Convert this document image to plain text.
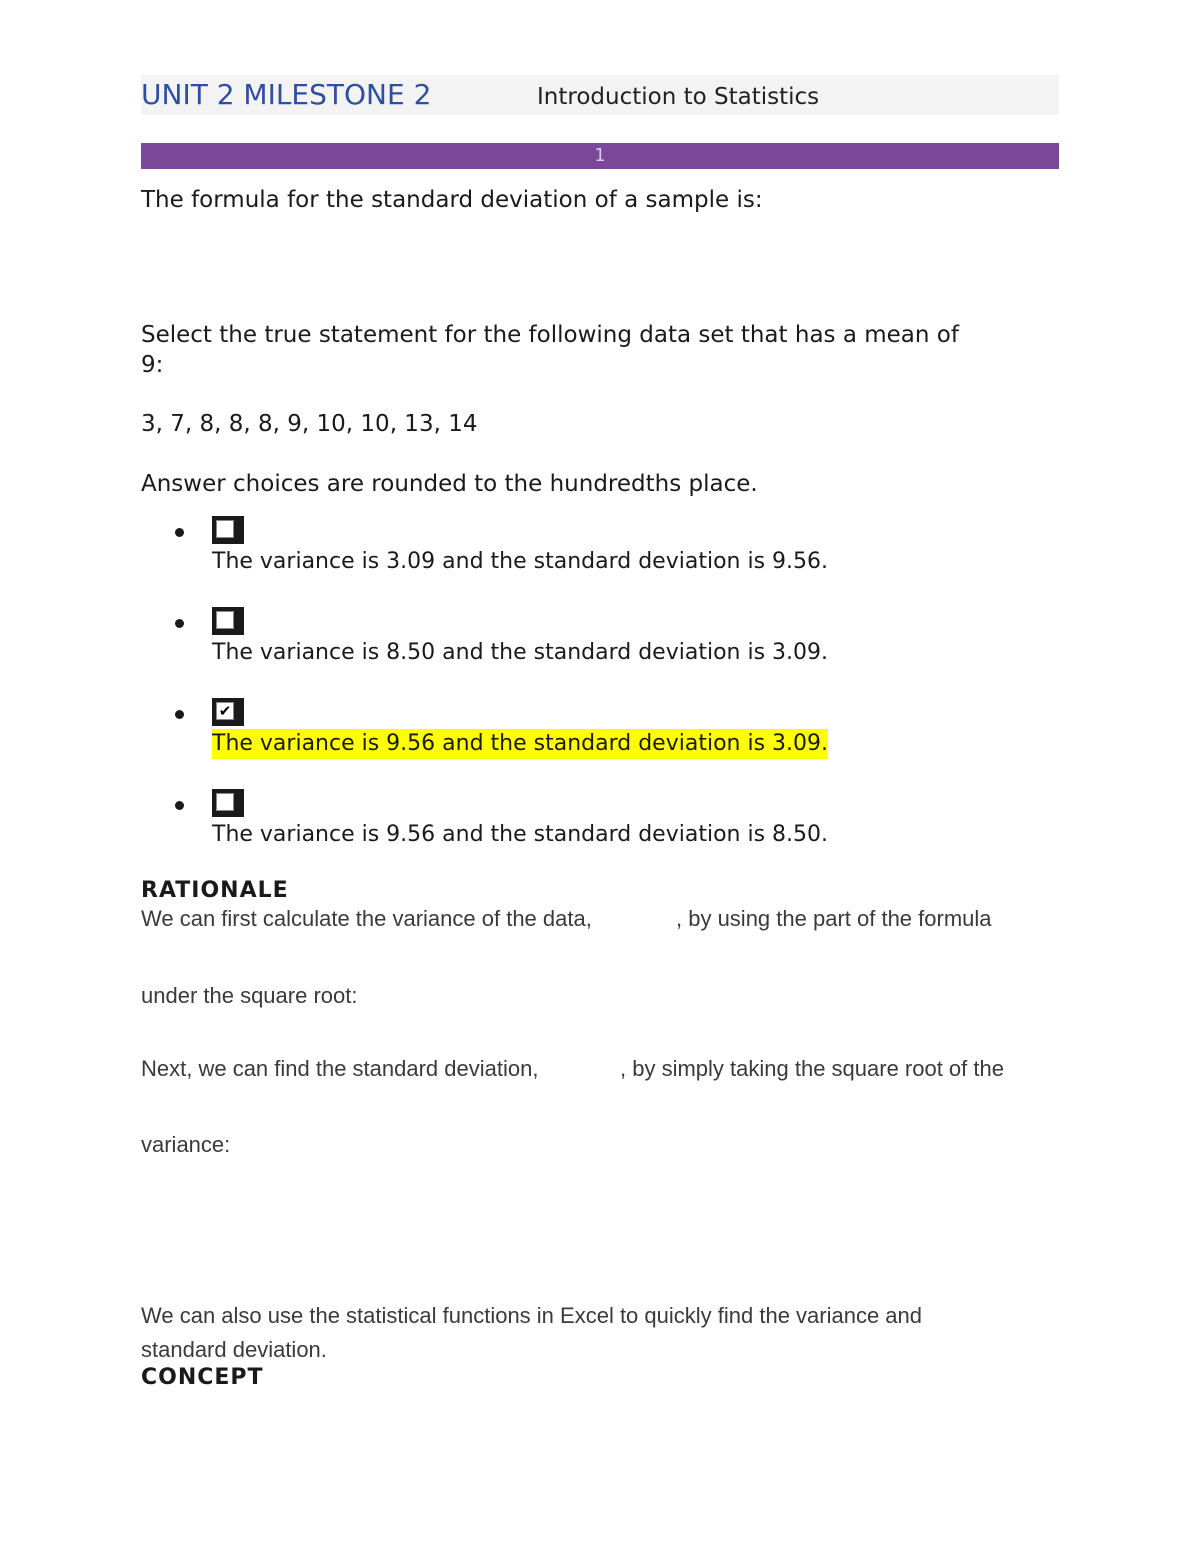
UNIT 2 MILESTONE 2	Introduction to Statistics
1

The formula for the standard deviation of a sample is:

Select the true statement for the following data set that has a mean of

9:

3, 7, 8, 8, 8, 9, 10, 10, 13, 14

Answer choices are rounded to the hundredths place.

The variance is 3.09 and the standard deviation is 9.56.
The variance is 8.50 and the standard deviation is 3.09.
✔
The variance is 9.56 and the standard deviation is 3.09.
The variance is 9.56 and the standard deviation is 8.50.
RATIONALE
We can first calculate the variance of the data,	, by using the part of the formula
under the square root:
Next, we can find the standard deviation,	, by simply taking the square root of the
variance:
We can also use the statistical functions in Excel to quickly find the variance and
standard deviation.
CONCEPT
